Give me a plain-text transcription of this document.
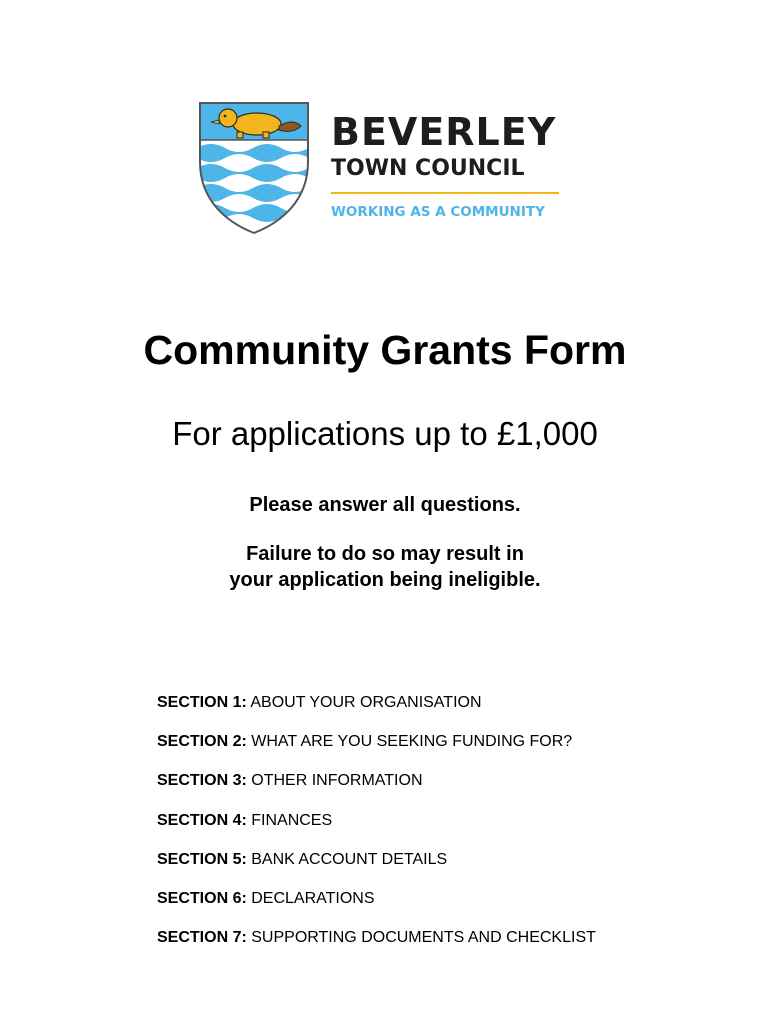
BEVERLEY
TOWN COUNCIL
WORKING AS A COMMUNITY
Community Grants Form
For applications up to £1,000
Please answer all questions.
Failure to do so may result in
your application being ineligible.
SECTION 1: ABOUT YOUR ORGANISATION
SECTION 2: WHAT ARE YOU SEEKING FUNDING FOR?
SECTION 3: OTHER INFORMATION
SECTION 4: FINANCES
SECTION 5: BANK ACCOUNT DETAILS
SECTION 6: DECLARATIONS
SECTION 7: SUPPORTING DOCUMENTS AND CHECKLIST
